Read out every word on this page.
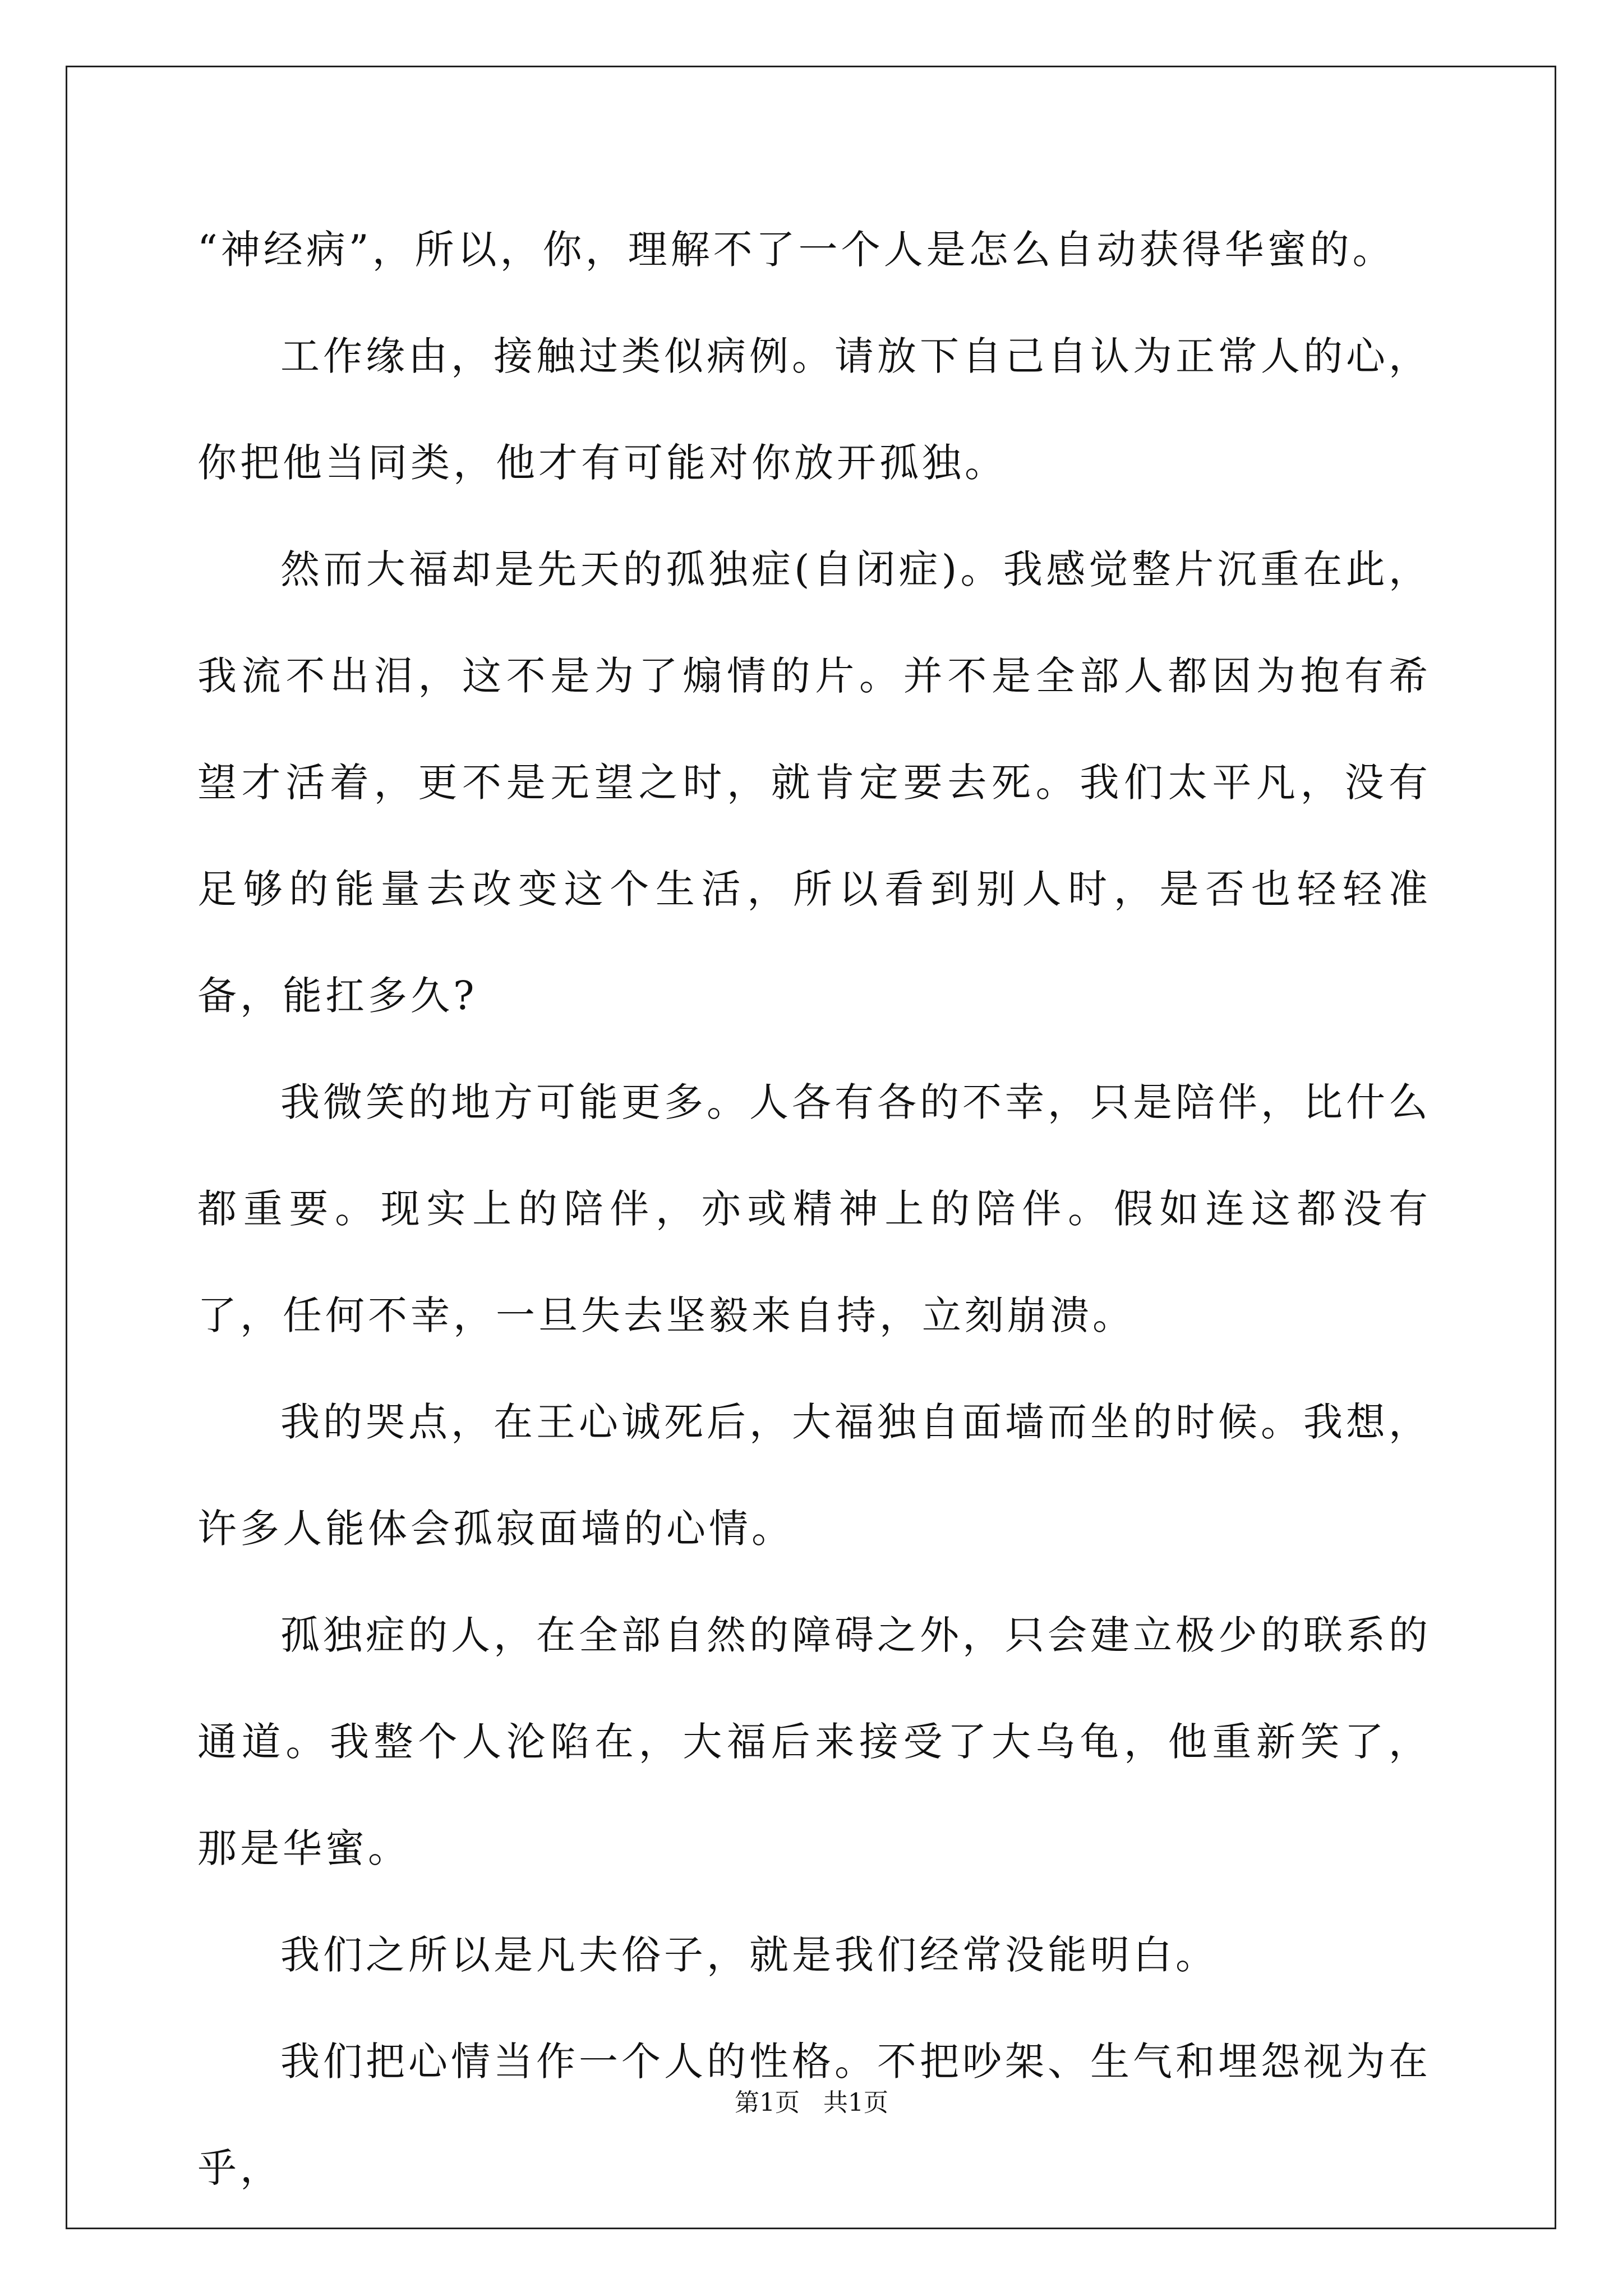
“神经病”，所以，你，理解不了一个人是怎么自动获得华蜜的。

工作缘由，接触过类似病例。请放下自己自认为正常人的心，你把他当同类，他才有可能对你放开孤独。

然而大福却是先天的孤独症(自闭症)。我感觉整片沉重在此，我流不出泪，这不是为了煽情的片。并不是全部人都因为抱有希望才活着，更不是无望之时，就肯定要去死。我们太平凡，没有足够的能量去改变这个生活，所以看到别人时，是否也轻轻准备，能扛多久?

我微笑的地方可能更多。人各有各的不幸，只是陪伴，比什么都重要。现实上的陪伴，亦或精神上的陪伴。假如连这都没有了，任何不幸，一旦失去坚毅来自持，立刻崩溃。

我的哭点，在王心诚死后，大福独自面墙而坐的时候。我想，许多人能体会孤寂面墙的心情。

孤独症的人，在全部自然的障碍之外，只会建立极少的联系的通道。我整个人沦陷在，大福后来接受了大乌龟，他重新笑了，那是华蜜。

我们之所以是凡夫俗子，就是我们经常没能明白。

我们把心情当作一个人的性格。不把吵架、生气和埋怨视为在乎，

第1页   共1页
